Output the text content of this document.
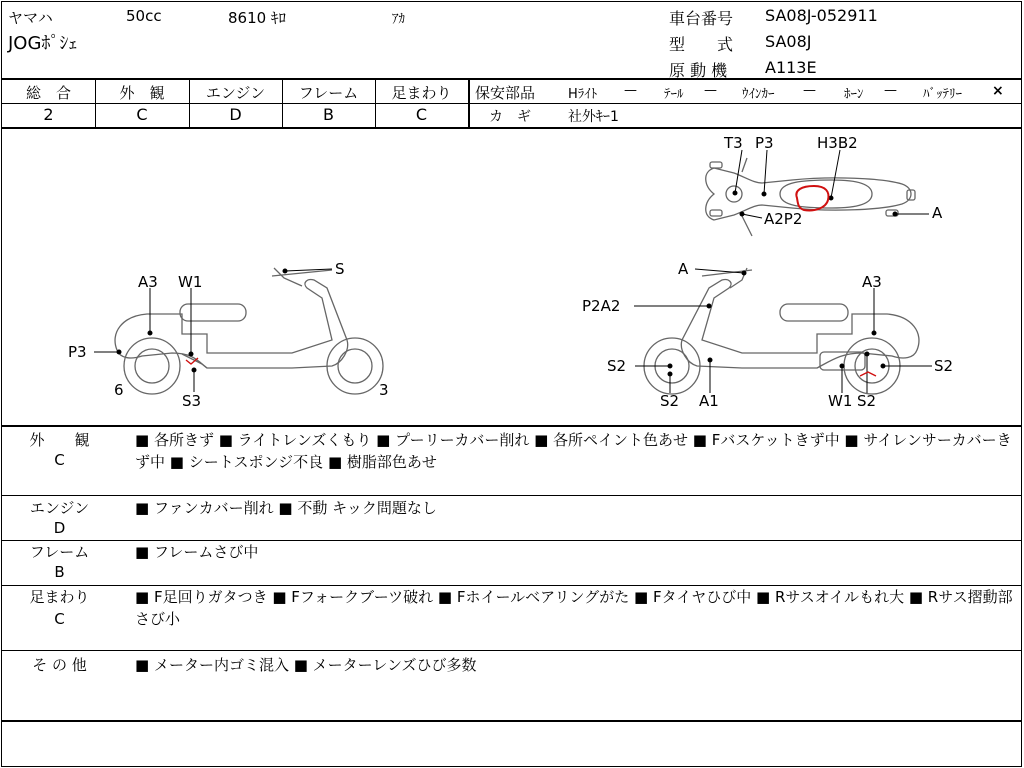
ヤマハ	50cc	8610 ｷﾛ	ｱｶ
JOGﾎﾟｼｪ
車台番号 SA08J-052911
型　　式 SA08J
原 動 機 A113E
総　合
2
外　観
C
エンジン
D
フレーム
B
足まわり
C
保安部品	Hﾗｲﾄ — ﾃｰﾙ — ｳｲﾝｶｰ — ﾎｰﾝ — ﾊﾞｯﾃﾘｰ ×
カ　ギ	社外ｷｰ1
T3 P3	H3B2
A2P2	A
S
A3 W1
P3
6
S3
3
A
A3
P2A2
S2
S2 A1	W1 S2
S2
外　　観
C
■ 各所きず ■ ライトレンズくもり ■ プーリーカバー削れ ■ 各所ペイント色あせ ■ Fバスケットきず中 ■ サイレンサーカバーきず中 ■ シートスポンジ不良 ■ 樹脂部色あせ
エンジン
D
■ ファンカバー削れ ■ 不動 キック問題なし
フレーム
B
■ フレームさび中
足まわり
C
■ F足回りガタつき ■ Fフォークブーツ破れ ■ Fホイールベアリングがた ■ Fタイヤひび中 ■ Rサスオイルもれ大 ■ Rサス摺動部さび小
そ の 他	■ メーター内ゴミ混入 ■ メーターレンズひび多数
